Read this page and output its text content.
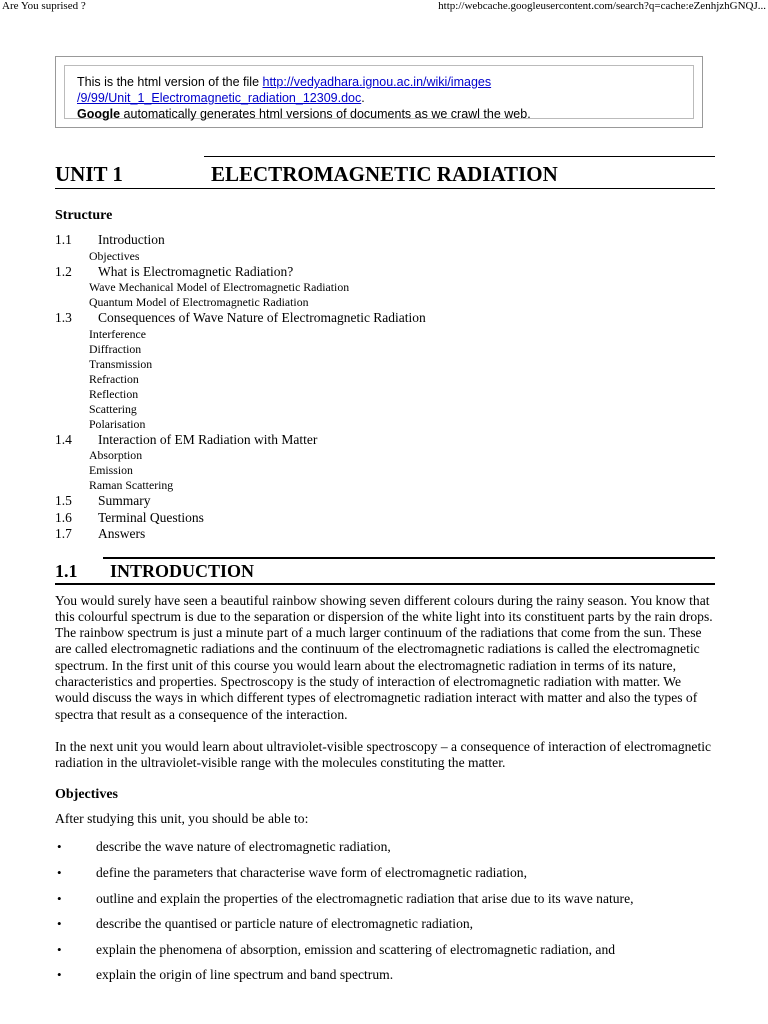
Are You suprised ?	http://webcache.googleusercontent.com/search?q=cache:eZenhjzhGNQJ...
This is the html version of the file http://vedyadhara.ignou.ac.in/wiki/images
/9/99/Unit_1_Electromagnetic_radiation_12309.doc.
Google automatically generates html versions of documents as we crawl the web.
UNIT 1	ELECTROMAGNETIC RADIATION
Structure
1.1	Introduction
Objectives
1.2	What is Electromagnetic Radiation?
Wave Mechanical Model of Electromagnetic Radiation
Quantum Model of Electromagnetic Radiation
1.3	Consequences of Wave Nature of Electromagnetic Radiation
Interference
Diffraction
Transmission
Refraction
Reflection
Scattering
Polarisation
1.4	Interaction of EM Radiation with Matter
Absorption
Emission
Raman Scattering
1.5	Summary
1.6	Terminal Questions
1.7	Answers
1.1 INTRODUCTION

You would surely have seen a beautiful rainbow showing seven different colours during the rainy season. You know that this colourful spectrum is due to the separation or dispersion of the white light into its constituent parts by the rain drops. The rainbow spectrum is just a minute part of a much larger continuum of the radiations that come from the sun. These are called electromagnetic radiations and the continuum of the electromagnetic radiations is called the electromagnetic spectrum. In the first unit of this course you would learn about the electromagnetic radiation in terms of its nature, characteristics and properties. Spectroscopy is the study of interaction of electromagnetic radiation with matter. We would discuss the ways in which different types of electromagnetic radiation interact with matter and also the types of spectra that result as a consequence of the interaction.

In the next unit you would learn about ultraviolet-visible spectroscopy – a consequence of interaction of electromagnetic radiation in the ultraviolet-visible range with the molecules constituting the matter.

Objectives
After studying this unit, you should be able to:
•	describe the wave nature of electromagnetic radiation,
•	define the parameters that characterise wave form of electromagnetic radiation,
•	outline and explain the properties of the electromagnetic radiation that arise due to its wave nature,
•	describe the quantised or particle nature of electromagnetic radiation,
•	explain the phenomena of absorption, emission and scattering of electromagnetic radiation, and
•	explain the origin of line spectrum and band spectrum.
